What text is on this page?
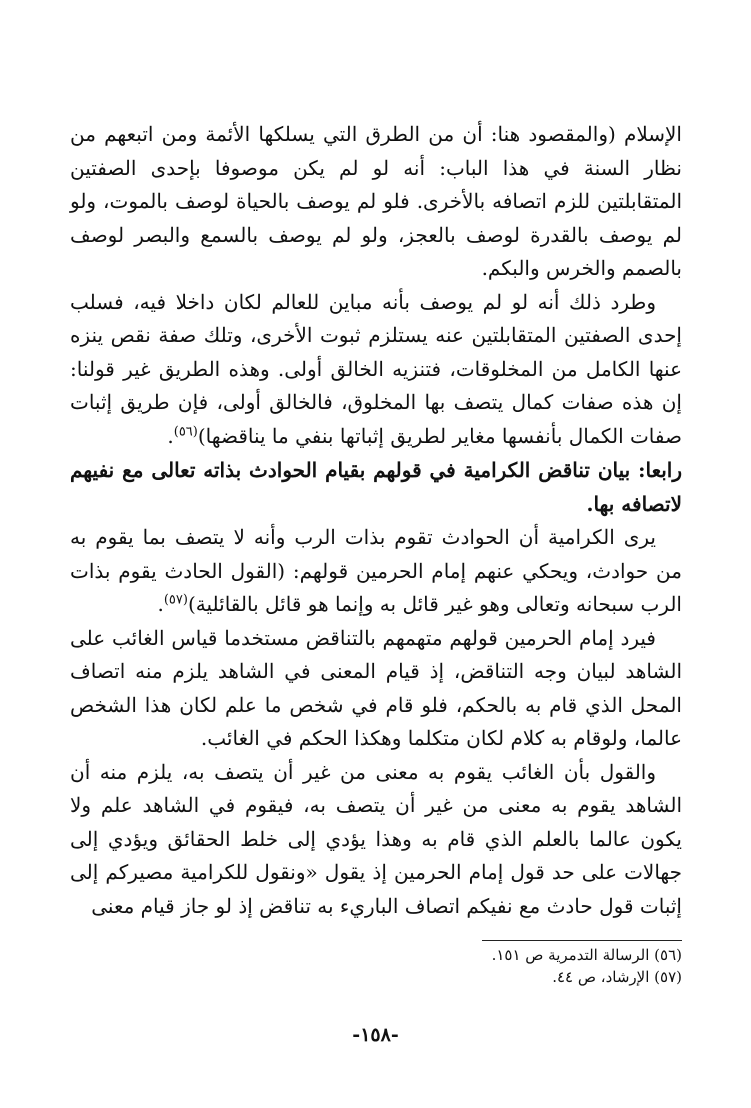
الإسلام (والمقصود هنا: أن من الطرق التي يسلكها الأئمة ومن اتبعهم من نظار السنة في هذا الباب: أنه لو لم يكن موصوفا بإحدى الصفتين المتقابلتين للزم اتصافه بالأخرى. فلو لم يوصف بالحياة لوصف بالموت، ولو لم يوصف بالقدرة لوصف بالعجز، ولو لم يوصف بالسمع والبصر لوصف بالصمم والخرس والبكم.

وطرد ذلك أنه لو لم يوصف بأنه مباين للعالم لكان داخلا فيه، فسلب إحدى الصفتين المتقابلتين عنه يستلزم ثبوت الأخرى، وتلك صفة نقص ينزه عنها الكامل من المخلوقات، فتنزيه الخالق أولى. وهذه الطريق غير قولنا: إن هذه صفات كمال يتصف بها المخلوق، فالخالق أولى، فإن طريق إثبات صفات الكمال بأنفسها مغاير لطريق إثباتها بنفي ما يناقضها)$^{(٥٦)}$.

رابعا: بيان تناقض الكرامية في قولهم بقيام الحوادث بذاته تعالى مع نفيهم لاتصافه بها.

يرى الكرامية أن الحوادث تقوم بذات الرب وأنه لا يتصف بما يقوم به من حوادث، ويحكي عنهم إمام الحرمين قولهم: (القول الحادث يقوم بذات الرب سبحانه وتعالى وهو غير قائل به وإنما هو قائل بالقائلية)$^{(٥٧)}$.

فيرد إمام الحرمين قولهم متهمهم بالتناقض مستخدما قياس الغائب على الشاهد لبيان وجه التناقض، إذ قيام المعنى في الشاهد يلزم منه اتصاف المحل الذي قام به بالحكم، فلو قام في شخص ما علم لكان هذا الشخص عالما، ولوقام به كلام لكان متكلما وهكذا الحكم في الغائب.

والقول بأن الغائب يقوم به معنى من غير أن يتصف به، يلزم منه أن الشاهد يقوم به معنى من غير أن يتصف به، فيقوم في الشاهد علم ولا يكون عالما بالعلم الذي قام به وهذا يؤدي إلى خلط الحقائق ويؤدي إلى جهالات على حد قول إمام الحرمين إذ يقول «ونقول للكرامية مصيركم إلى إثبات قول حادث مع نفيكم اتصاف الباريء به تناقض إذ لو جاز قيام معنى

(٥٦) الرسالة التدمرية ص ١٥١.

(٥٧) الإرشاد، ص ٤٤.

-١٥٨-
